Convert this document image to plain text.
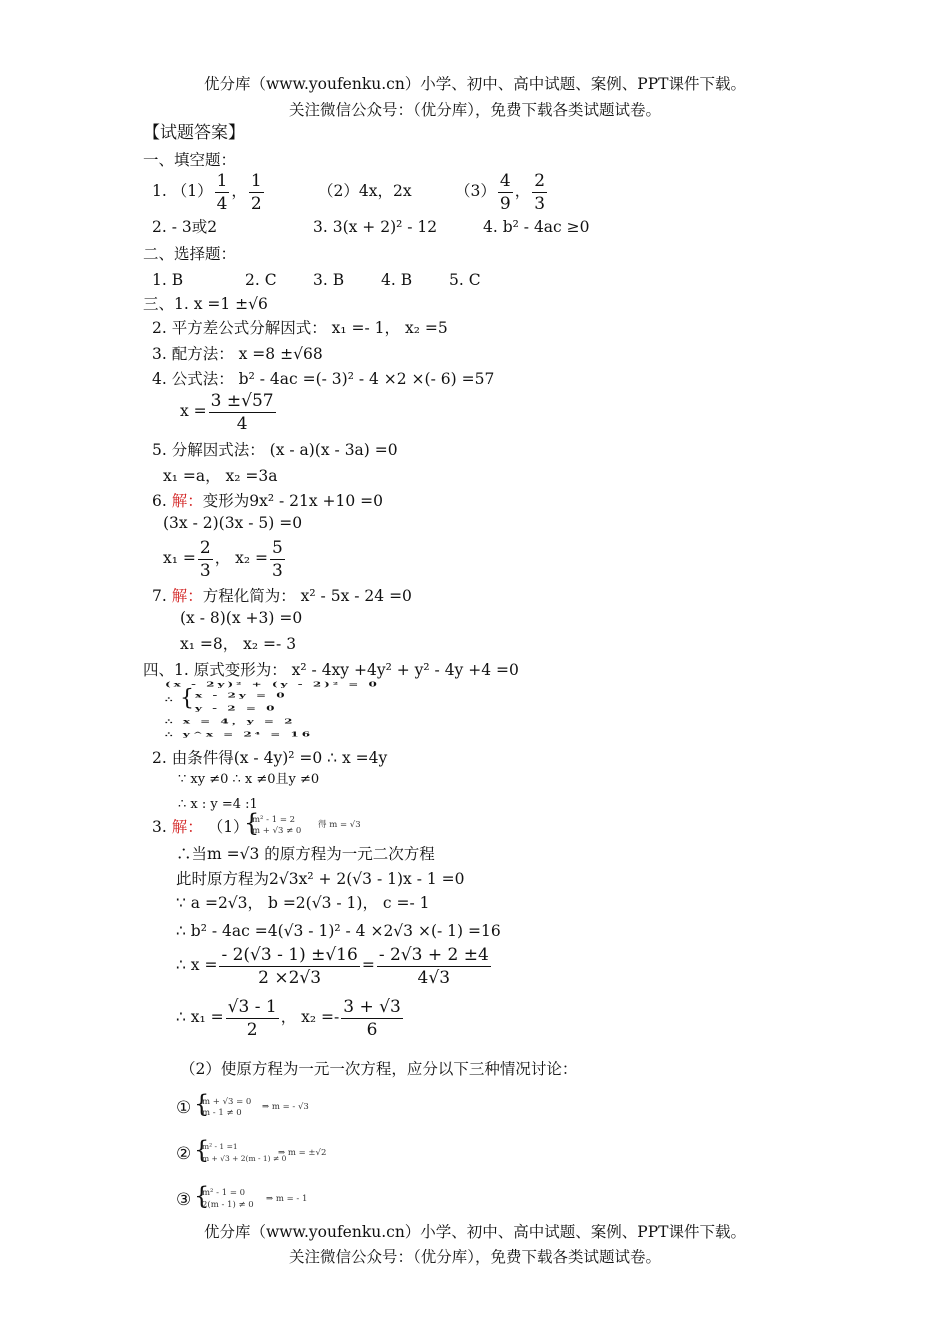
优分库（www.youfenku.cn）小学、初中、高中试题、案例、PPT课件下载。
关注微信公众号：（优分库），免费下载各类试题试卷。
【试题答案】
一、填空题：
1. $(1) \frac{1}{4}$ ， $\frac{1}{2}$	（2）4x，2x	$(3) \frac{4}{9}$ ， $\frac{2}{3}$
2. - 3或2	3. 3(x + 2)² - 12	4. b² - 4ac ≥0
二、选择题：
1. B	2. C 3. B 4. B 5. C
三、1. x =1 ±√6
2. 平方差公式分解因式： x₁ =- 1， x₂ =5
3. 配方法： x =8 ±√68
4. 公式法： b² - 4ac =(- 3)² - 4 ×2 ×(- 6) =57
$x = \frac{3 \pm√57}{4}$
5. 分解因式法： (x - a)(x - 3a) =0
x₁ =a， x₂ =3a
6. 解：变形为9x² - 21x +10 =0
(3x - 2)(3x - 5) =0
$x_1 = \frac{2}{3}$ ， $x_2 = \frac{5}{3}$
7. 解：方程化简为： x² - 5x - 24 =0
(x - 8)(x +3) =0
x₁ =8， x₂ =- 3
四、1. 原式变形为： x² - 4xy +4y² + y² - 4y +4 =0
(x - 2y)² + (y - 2)² = 0
∴ { x - 2y = 0
y - 2 = 0
∴ x = 4，y = 2
∴ y^x = 2⁴ = 16
2. 由条件得(x - 4y)² =0 ∴ x =4y
∵ xy ≠0 ∴ x ≠0且y ≠0
∴ x : y =4 :1
3. 解： （1）
{
m² - 1 = 2
m + √3 ≠ 0
得 m = √3
∴当m =√3 的原方程为一元二次方程
此时原方程为2√3x² + 2(√3 - 1)x - 1 =0
∵ a =2√3， b =2(√3 - 1)， c =- 1
∴ b² - 4ac =4(√3 - 1)² - 4 ×2√3 ×(- 1) =16
∴ $x = \frac{- 2(√3 - 1) \pm√16}{2 \times 2√3} = \frac{- 2√3 + 2 \pm 4}{4√3}$
∴ $x_1 = \frac{√3 - 1}{2}$ ， $x_2 =- \frac{3 + √3}{6}$
（2）使原方程为一元一次方程，应分以下三种情况讨论：
① {
m + √3 = 0
m - 1 ≠ 0
⇒ m = - √3
② {
m² - 1 =1
m + √3 + 2(m - 1) ≠ 0
⇒ m = ±√2
③ {
m² - 1 = 0
2(m - 1) ≠ 0
⇒ m = - 1
优分库（www.youfenku.cn）小学、初中、高中试题、案例、PPT课件下载。
关注微信公众号：（优分库），免费下载各类试题试卷。
